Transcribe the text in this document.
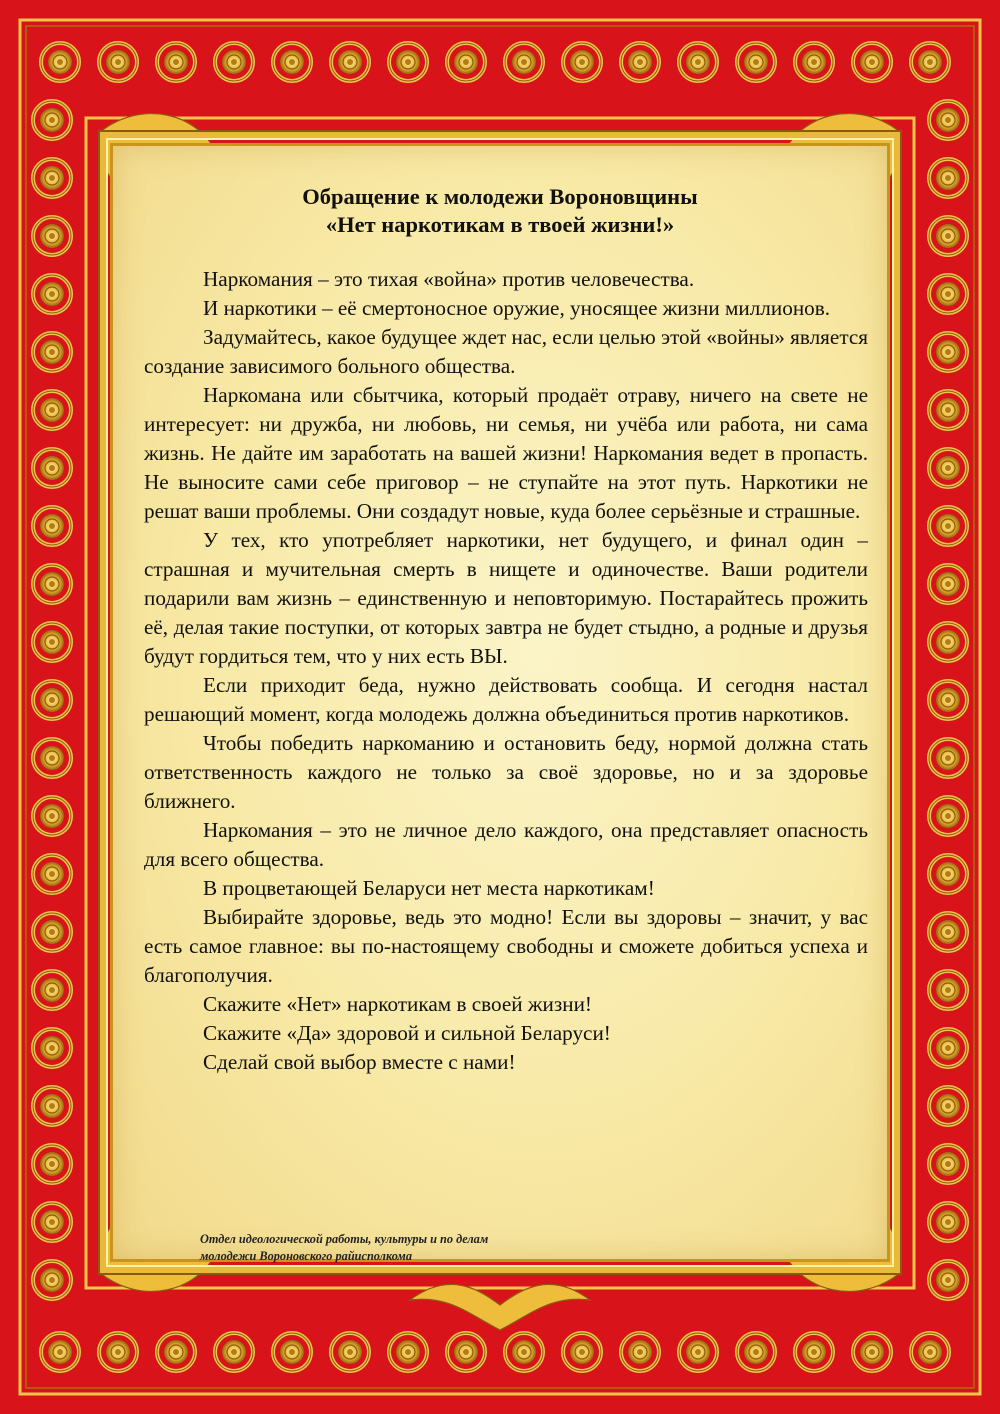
Обращение к молодежи Вороновщины
«Нет наркотикам в твоей жизни!»

Наркомания – это тихая «война» против человечества.

И наркотики – её смертоносное оружие, уносящее жизни миллионов.

Задумайтесь, какое будущее ждет нас, если целью этой «войны» является создание зависимого больного общества.

Наркомана или сбытчика, который продаёт отраву, ничего на свете не интересует: ни дружба, ни любовь, ни семья, ни учёба или работа, ни сама жизнь. Не дайте им заработать на вашей жизни! Наркомания ведет в пропасть. Не выносите сами себе приговор – не ступайте на этот путь. Наркотики не решат ваши проблемы. Они создадут новые, куда более серьёзные и страшные.

У тех, кто употребляет наркотики, нет будущего, и финал один – страшная и мучительная смерть в нищете и одиночестве. Ваши родители подарили вам жизнь – единственную и неповторимую. Постарайтесь прожить её, делая такие поступки, от которых завтра не будет стыдно, а родные и друзья будут гордиться тем, что у них есть ВЫ.

Если приходит беда, нужно действовать сообща. И сегодня настал решающий момент, когда молодежь должна объединиться против наркотиков.

Чтобы победить наркоманию и остановить беду, нормой должна стать ответственность каждого не только за своё здоровье, но и за здоровье ближнего.

Наркомания – это не личное дело каждого, она представляет опасность для всего общества.

В процветающей Беларуси нет места наркотикам!

Выбирайте здоровье, ведь это модно! Если вы здоровы – значит, у вас есть самое главное: вы по-настоящему свободны и сможете добиться успеха и благополучия.

Скажите «Нет» наркотикам в своей жизни!

Скажите «Да» здоровой и сильной Беларуси!

Сделай свой выбор вместе с нами!

Отдел идеологической работы, культуры и по делам
молодежи Вороновского райисполкома
